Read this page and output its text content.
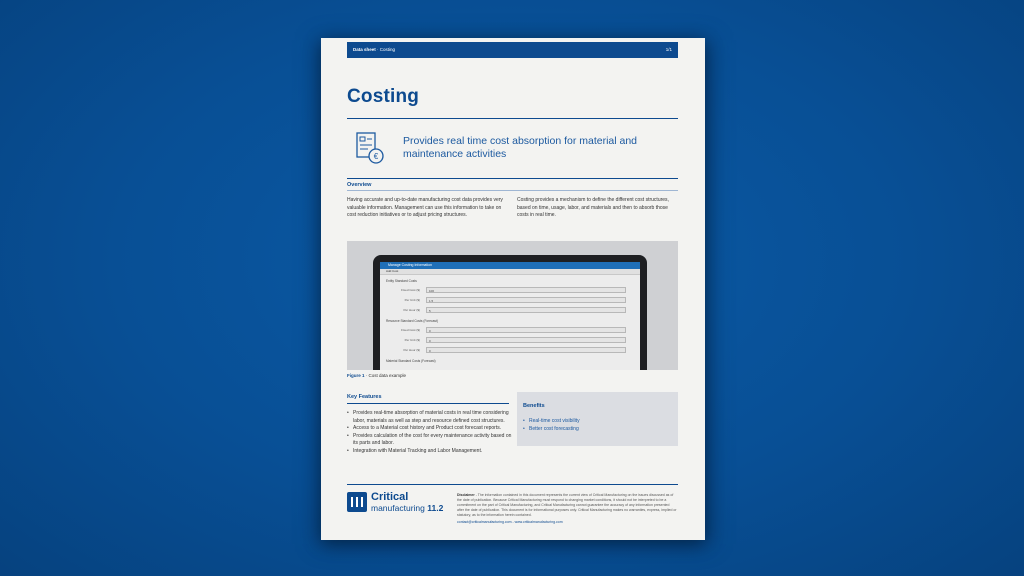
Data sheet · Costing	1/1
Costing
€
Provides real time cost absorption for material and maintenance activities
Overview
Having accurate and up-to-date manufacturing cost data provides very valuable information. Management can use this information to take on cost reduction initiatives or to adjust pricing structures.
Costing provides a mechanism to define the different cost structures, based on time, usage, labor, and materials and then to absorb those costs in real time.
Manage Costing Information
Add Cost
Entity Standard Costs
Fixed Cost ($)	100
Per Unit ($)	1.5
Per Hour ($)	5
Resource Standard Costs (Forecast)
Fixed Cost ($)	0
Per Unit ($)	0
Per Hour ($)	0
Material Standard Costs (Forecast)
Figure 1 · Cost data example
Key Features
• Provides real-time absorption of material costs in real time considering labor, materials as well as step and resource defined cost structures.
• Access to a Material cost history and Product cost forecast reports.
• Provides calculation of the cost for every maintenance activity based on its parts and labor.
• Integration with Material Tracking and Labor Management.
Benefits
• Real-time cost visibility
• Better cost forecasting
Critical
manufacturing 11.2
Disclaimer - The information contained in this document represents the current view of Critical Manufacturing on the issues discussed as of the date of publication. Because Critical Manufacturing must respond to changing market conditions, it should not be interpreted to be a commitment on the part of Critical Manufacturing, and Critical Manufacturing cannot guarantee the accuracy of any information presented after the date of publication. This document is for informational purposes only. Critical Manufacturing makes no warranties, express, implied or statutory, as to the information herein contained.
contact@criticalmanufacturing.com - www.criticalmanufacturing.com
